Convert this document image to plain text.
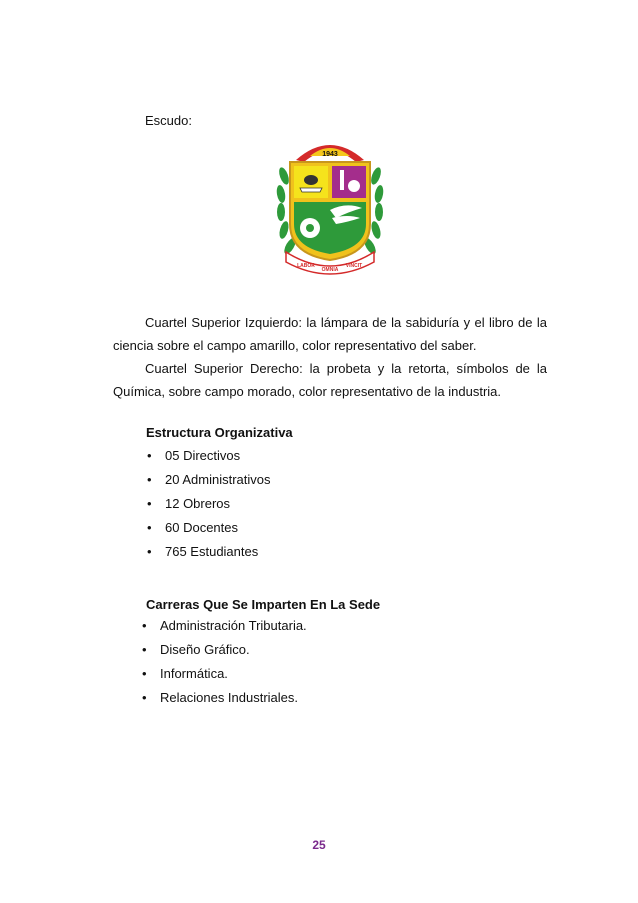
Escudo:
1943
LABOR
OMNIA
VINCIT
Cuartel Superior Izquierdo: la lámpara de la sabiduría y el libro de la
ciencia sobre el campo amarillo, color representativo del saber.
Cuartel Superior Derecho: la probeta y la retorta, símbolos de la
Química, sobre campo morado, color representativo de la industria.
Estructura Organizativa
• 05 Directivos
• 20 Administrativos
• 12 Obreros
• 60 Docentes
• 765 Estudiantes
Carreras Que Se Imparten En La Sede
• Administración Tributaria.
• Diseño Gráfico.
• Informática.
• Relaciones Industriales.
25
